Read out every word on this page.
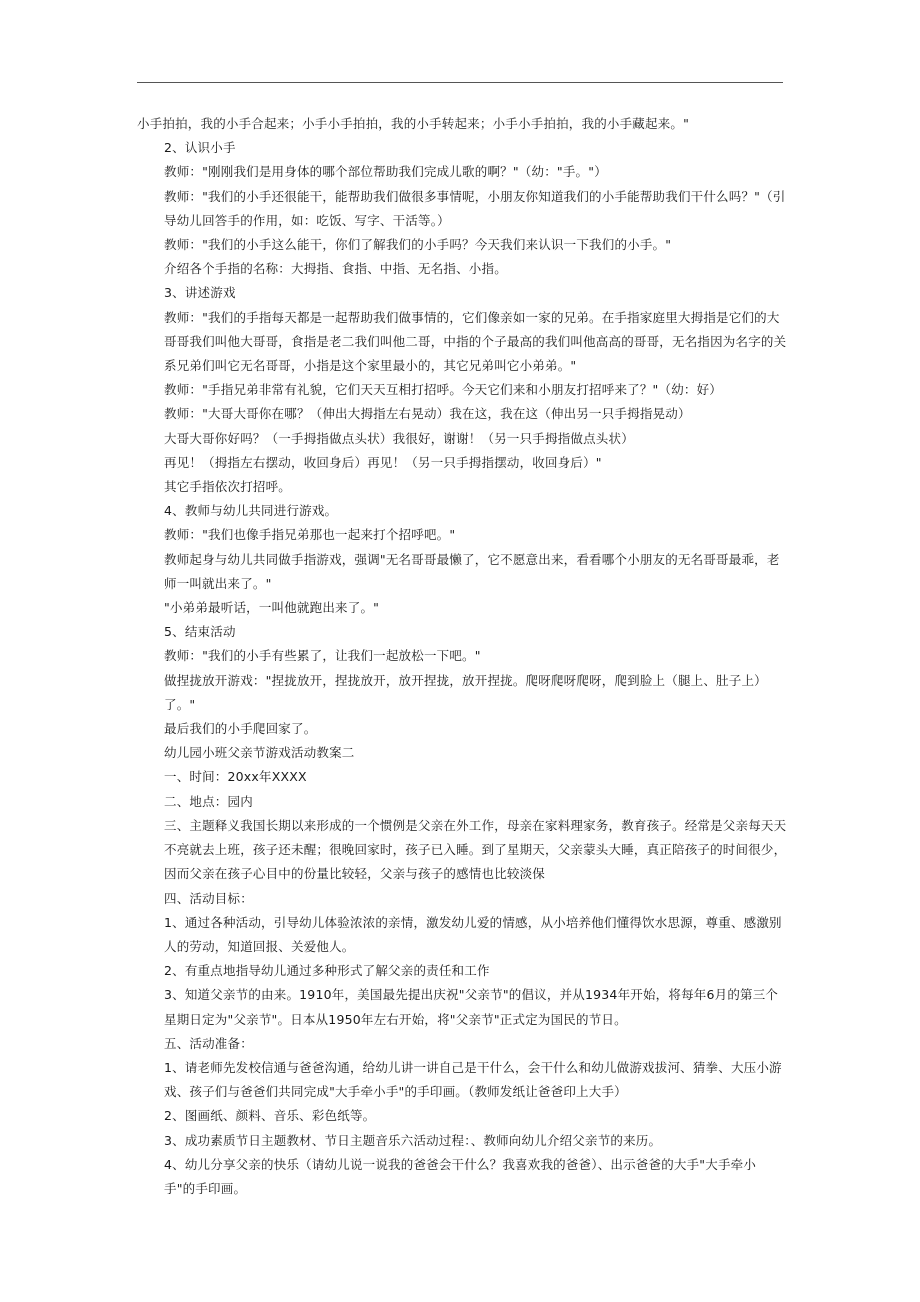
小手拍拍，我的小手合起来；小手小手拍拍，我的小手转起来；小手小手拍拍，我的小手藏起来。"

2、认识小手

教师："刚刚我们是用身体的哪个部位帮助我们完成儿歌的啊？"（幼："手。"）

教师："我们的小手还很能干，能帮助我们做很多事情呢，小朋友你知道我们的小手能帮助我们干什么吗？"（引导幼儿回答手的作用，如：吃饭、写字、干活等。）

教师："我们的小手这么能干，你们了解我们的小手吗？今天我们来认识一下我们的小手。"

介绍各个手指的名称：大拇指、食指、中指、无名指、小指。

3、讲述游戏

教师："我们的手指每天都是一起帮助我们做事情的，它们像亲如一家的兄弟。在手指家庭里大拇指是它们的大哥哥我们叫他大哥哥，食指是老二我们叫他二哥，中指的个子最高的我们叫他高高的哥哥，无名指因为名字的关系兄弟们叫它无名哥哥，小指是这个家里最小的，其它兄弟叫它小弟弟。"

教师："手指兄弟非常有礼貌，它们天天互相打招呼。今天它们来和小朋友打招呼来了？"（幼：好）

教师："大哥大哥你在哪？（伸出大拇指左右晃动）我在这，我在这（伸出另一只手拇指晃动）

大哥大哥你好吗？（一手拇指做点头状）我很好，谢谢！（另一只手拇指做点头状）

再见！（拇指左右摆动，收回身后）再见！（另一只手拇指摆动，收回身后）"

其它手指依次打招呼。

4、教师与幼儿共同进行游戏。

教师："我们也像手指兄弟那也一起来打个招呼吧。"

教师起身与幼儿共同做手指游戏，强调"无名哥哥最懒了，它不愿意出来，看看哪个小朋友的无名哥哥最乖，老师一叫就出来了。"

"小弟弟最听话，一叫他就跑出来了。"

5、结束活动

教师："我们的小手有些累了，让我们一起放松一下吧。"

做捏拢放开游戏："捏拢放开，捏拢放开，放开捏拢，放开捏拢。爬呀爬呀爬呀，爬到脸上（腿上、肚子上）了。"

最后我们的小手爬回家了。

幼儿园小班父亲节游戏活动教案二

一、时间：20xx年XXXX

二、地点：园内

三、主题释义我国长期以来形成的一个惯例是父亲在外工作，母亲在家料理家务，教育孩子。经常是父亲每天天不亮就去上班，孩子还未醒；很晚回家时，孩子已入睡。到了星期天，父亲蒙头大睡，真正陪孩子的时间很少，因而父亲在孩子心目中的份量比较轻，父亲与孩子的感情也比较淡保

四、活动目标：

1、通过各种活动，引导幼儿体验浓浓的亲情，激发幼儿爱的情感，从小培养他们懂得饮水思源，尊重、感激别人的劳动，知道回报、关爱他人。

2、有重点地指导幼儿通过多种形式了解父亲的责任和工作

3、知道父亲节的由来。1910年，美国最先提出庆祝"父亲节"的倡议，并从1934年开始，将每年6月的第三个星期日定为"父亲节"。日本从1950年左右开始，将"父亲节"正式定为国民的节日。

五、活动准备：

1、请老师先发校信通与爸爸沟通，给幼儿讲一讲自己是干什么，会干什么和幼儿做游戏拔河、猜拳、大压小游戏、孩子们与爸爸们共同完成"大手牵小手"的手印画。（教师发纸让爸爸印上大手）

2、图画纸、颜料、音乐、彩色纸等。

3、成功素质节日主题教材、节日主题音乐六活动过程：、教师向幼儿介绍父亲节的来历。

4、幼儿分享父亲的快乐（请幼儿说一说我的爸爸会干什么？我喜欢我的爸爸）、出示爸爸的大手"大手牵小手"的手印画。
